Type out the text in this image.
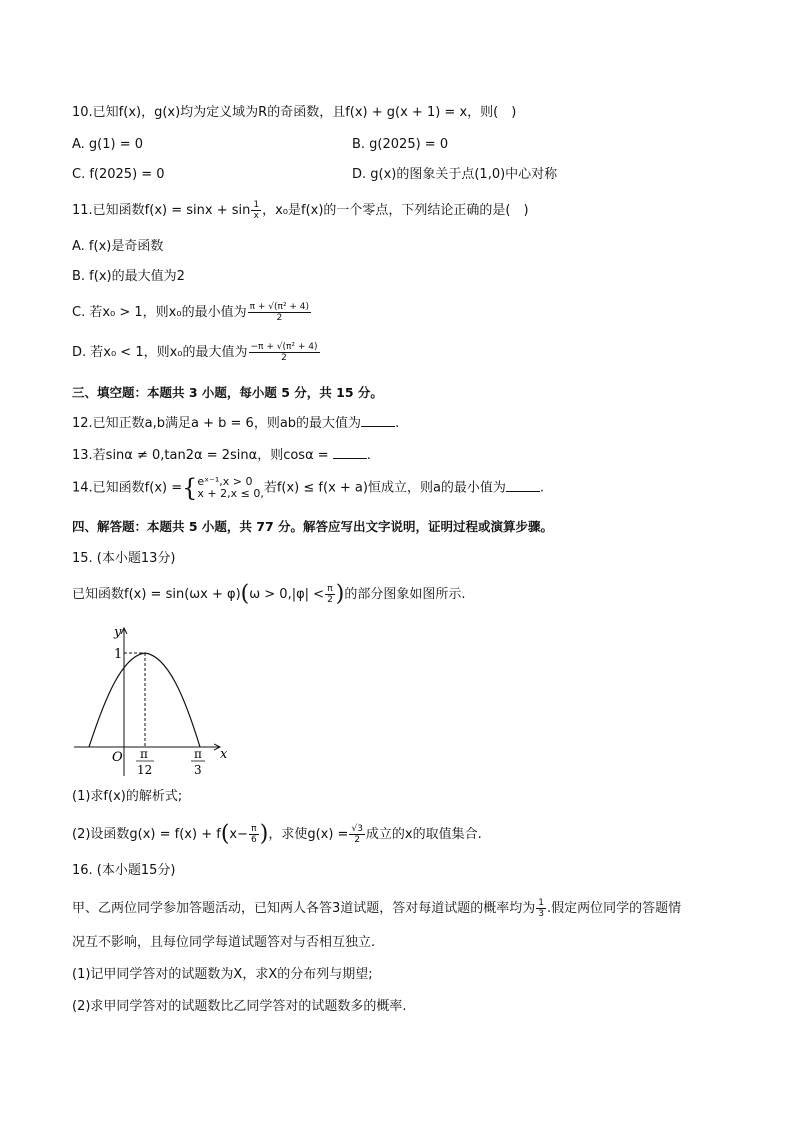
10.已知f(x)，g(x)均为定义域为R的奇函数，且f(x) + g(x + 1) = x，则(　)
A. g(1) = 0	B. g(2025) = 0
C. f(2025) = 0	D. g(x)的图象关于点(1,0)中心对称
11.已知函数$f(x) = \sin x + \sin \frac{1}{x}$ ，x₀是f(x)的一个零点，下列结论正确的是(　)
A. f(x)是奇函数
B. f(x)的最大值为2
C. 若x₀ > 1，则x₀的最小值为 $\frac{\text{π + √(π² + 4)}}{2}$
D. 若x₀ < 1，则x₀的最大值为 $\frac{\text{−π + √(π² + 4)}}{2}$
三、填空题：本题共 3 小题，每小题 5 分，共 15 分。
12.已知正数a,b满足a + b = 6，则ab的最大值为	.
13.若sinα ≠ 0,tan2α = 2sinα，则cosα =	.
14.已知函数f(x) ={ eˣ⁻¹,x > 0
x + 2,x ≤ 0, 若f(x) ≤ f(x + a)恒成立，则a的最小值为	.
四、解答题：本题共 5 小题，共 77 分。解答应写出文字说明，证明过程或演算步骤。
15. (本小题13分)
已知函数$f(x) = \sin(\omega x + \varphi)(\omega > 0,|\varphi| < \frac{\pi}{2}$ )的部分图象如图所示.
y
x
O
1
π
12
π
3
(1)求f(x)的解析式;
(2)设函数$g(x) = f(x) + f(x- \frac{\pi}{6}$ )，求使$g(x) = \frac{√3}{2}$ 成立的x的取值集合.
16. (本小题15分)
甲、乙两位同学参加答题活动，已知两人各答3道试题，答对每道试题的概率均为 $\frac{1}{3}$ .假定两位同学的答题情
况互不影响，且每位同学每道试题答对与否相互独立.
(1)记甲同学答对的试题数为X，求X的分布列与期望;
(2)求甲同学答对的试题数比乙同学答对的试题数多的概率.
